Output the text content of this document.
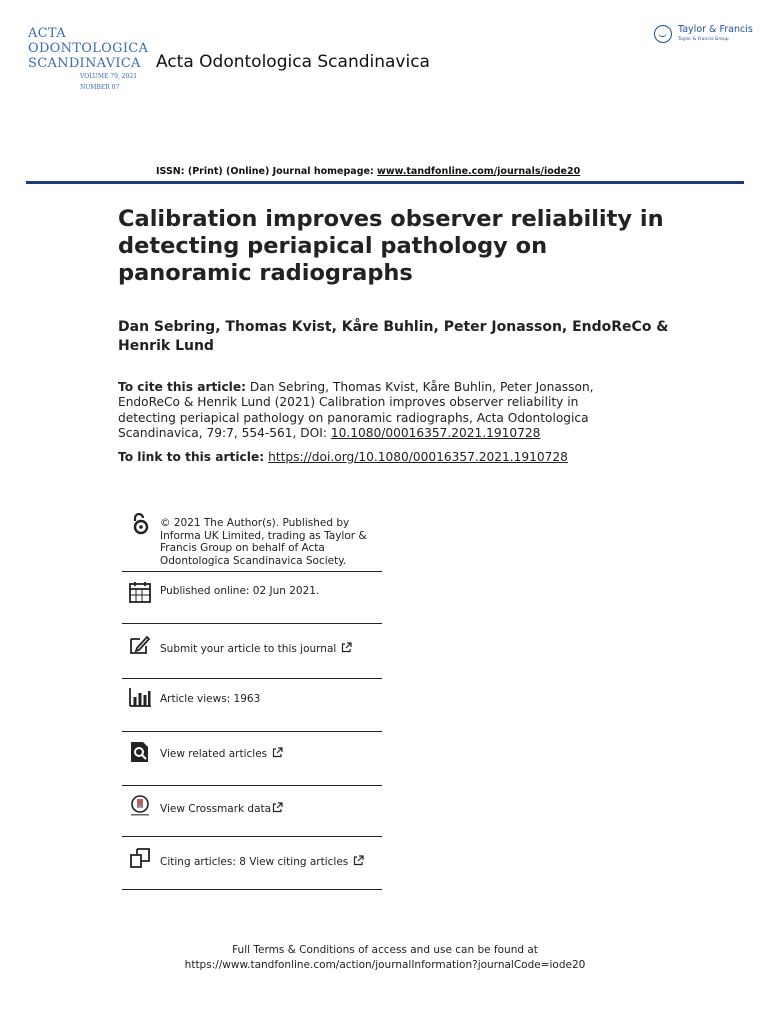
ACTA
ODONTOLOGICA
SCANDINAVICA
VOLUME 79, 2021
NUMBER 07
Acta Odontologica Scandinavica
Taylor & Francis
Taylor & Francis Group
ISSN: (Print) (Online) Journal homepage: www.tandfonline.com/journals/iode20
Calibration improves observer reliability in detecting periapical pathology on panoramic radiographs
Dan Sebring, Thomas Kvist, Kåre Buhlin, Peter Jonasson, EndoReCo & Henrik Lund
To cite this article: Dan Sebring, Thomas Kvist, Kåre Buhlin, Peter Jonasson, EndoReCo & Henrik Lund (2021) Calibration improves observer reliability in detecting periapical pathology on panoramic radiographs, Acta Odontologica Scandinavica, 79:7, 554-561, DOI: 10.1080/00016357.2021.1910728
To link to this article: https://doi.org/10.1080/00016357.2021.1910728
© 2021 The Author(s). Published by Informa UK Limited, trading as Taylor & Francis Group on behalf of Acta Odontologica Scandinavica Society.
Published online: 02 Jun 2021.
Submit your article to this journal
Article views: 1963
View related articles
View Crossmark data
Citing articles: 8 View citing articles
Full Terms & Conditions of access and use can be found at
https://www.tandfonline.com/action/journalInformation?journalCode=iode20
